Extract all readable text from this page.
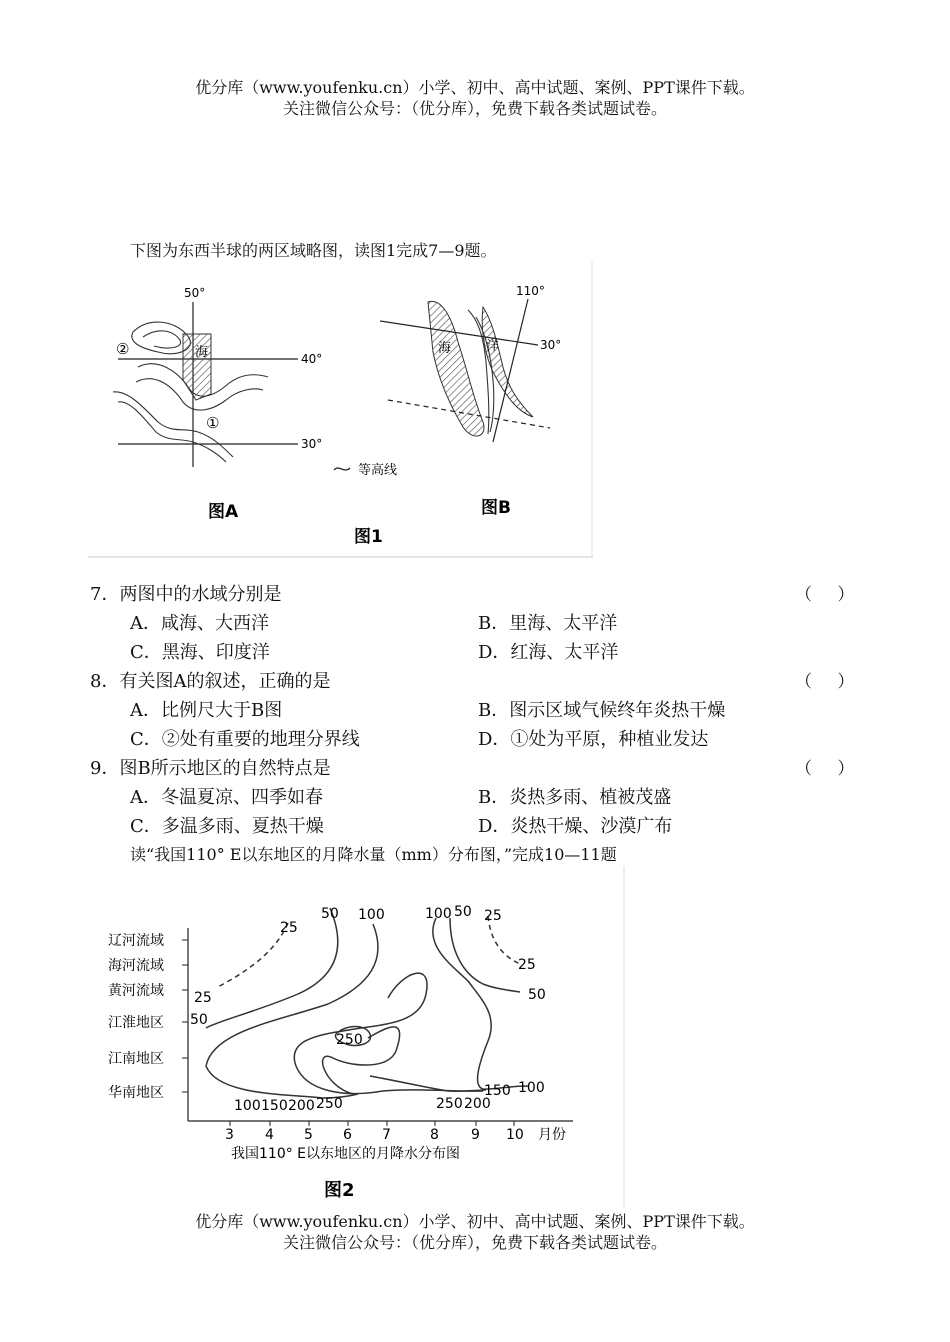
优分库（www.youfenku.cn）小学、初中、高中试题、案例、PPT课件下载。
关注微信公众号：（优分库），免费下载各类试题试卷。
下图为东西半球的两区域略图，读图1完成7—9题。
50°
40°
30°
海
①
②
图A
110°
30°
海	洋
图B
等高线
图1
7．两图中的水域分别是	（ ）
A．咸海、大西洋	B．里海、太平洋
C．黑海、印度洋	D．红海、太平洋
8．有关图A的叙述，正确的是	（ ）
A．比例尺大于B图	B．图示区域气候终年炎热干燥
C．②处有重要的地理分界线	D．①处为平原，种植业发达
9．图B所示地区的自然特点是	（ ）
A．冬温夏凉、四季如春	B．炎热多雨、植被茂盛
C．多温多雨、夏热干燥	D．炎热干燥、沙漠广布
读“我国110° E以东地区的月降水量（mm）分布图，”完成10—11题
辽河流域
海河流域
黄河流域
江淮地区
江南地区
华南地区
3 4 5 6 7	8 9 10 月份
25
50 100	100 50 25
25
50
25
50
250
100
150
200
250
250
200
150
100
我国110° E以东地区的月降水分布图
图2
优分库（www.youfenku.cn）小学、初中、高中试题、案例、PPT课件下载。
关注微信公众号：（优分库），免费下载各类试题试卷。
